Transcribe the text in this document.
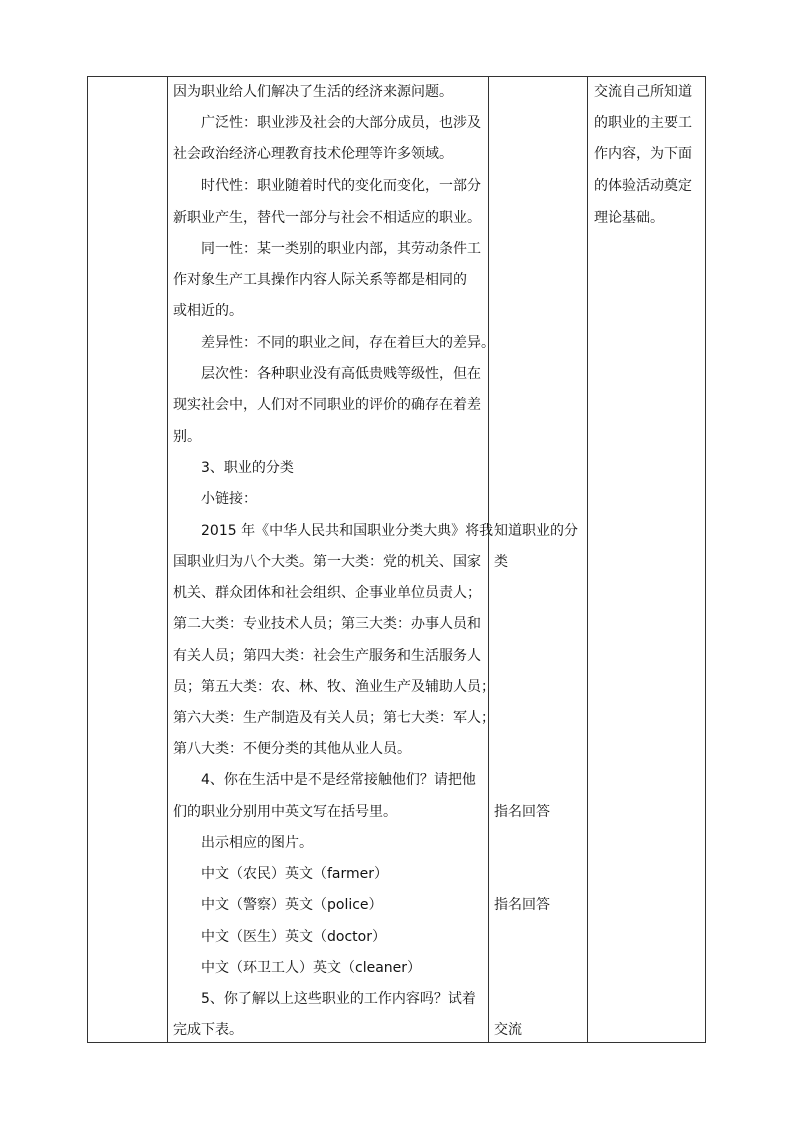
因为职业给人们解决了生活的经济来源问题。
广泛性：职业涉及社会的大部分成员，也涉及
社会政治经济心理教育技术伦理等许多领域。
时代性：职业随着时代的变化而变化，一部分
新职业产生，替代一部分与社会不相适应的职业。
同一性：某一类别的职业内部，其劳动条件工
作对象生产工具操作内容人际关系等都是相同的
或相近的。
差异性：不同的职业之间，存在着巨大的差异。
层次性：各种职业没有高低贵贱等级性，但在
现实社会中，人们对不同职业的评价的确存在着差
别。
3、职业的分类
小链接：
2015 年《中华人民共和国职业分类大典》将我
国职业归为八个大类。第一大类：党的机关、国家
机关、群众团体和社会组织、企事业单位员责人；
第二大类：专业技术人员；第三大类：办事人员和
有关人员；第四大类：社会生产服务和生活服务人
员；第五大类：农、林、牧、渔业生产及辅助人员；
第六大类：生产制造及有关人员；第七大类：军人；
第八大类：不便分类的其他从业人员。
4、你在生活中是不是经常接触他们？请把他
们的职业分别用中英文写在括号里。
出示相应的图片。
中文（农民）英文（farmer）
中文（警察）英文（police）
中文（医生）英文（doctor）
中文（环卫工人）英文（cleaner）
5、你了解以上这些职业的工作内容吗？试着
完成下表。
知道职业的分
类
指名回答
指名回答
交流
交流自己所知道
的职业的主要工
作内容，为下面
的体验活动奠定
理论基础。
